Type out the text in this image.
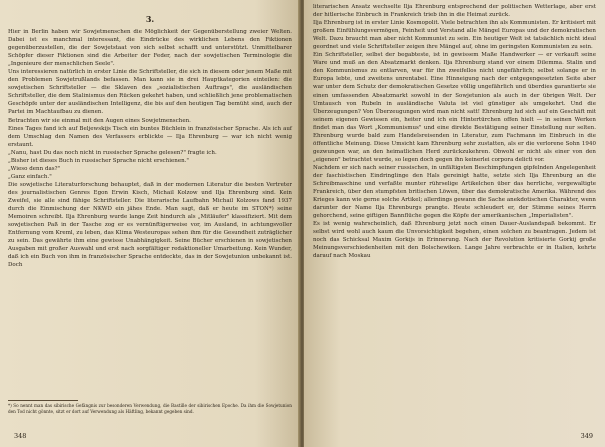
3.

Hier in Berlin haben wir Sowjetmenschen die Möglichkeit der Gegenüberstellung zweier Welten. Dabei ist es manchmal interessant, die Eindrücke des wirklichen Lebens den Fiktionen gegenüberzustellen, die der Sowjetstaat von sich selbst schafft und unterstützt. Unmittelbarer Schöpfer dieser Fiktionen sind die Arbeiter der Feder, nach der sowjetischen Terminologie die „Ingenieure der menschlichen Seele".

Uns interessieren natürlich in erster Linie die Schriftsteller, die sich in diesem oder jenem Maße mit den Problemen Sowjetrußlands befassen. Man kann sie in drei Hauptkategorien einteilen: die sowjetischen Schriftsteller — die Sklaven des „sozialistischen Auftrags", die ausländischen Schriftsteller, die dem Stalinismus den Rücken gekehrt haben, und schließlich jene problematischen Geschöpfe unter der ausländischen Intelligenz, die bis auf den heutigen Tag bemüht sind, auch der Partei im Machtaufbau zu dienen.

Betrachten wir sie einmal mit den Augen eines Sowjetmenschen.

Eines Tages fand ich auf Beljewskijs Tisch ein buntes Büchlein in französischer Sprache. Als ich auf dem Umschlag den Namen des Verfassers erblickte — Ilja Ehrenburg — war ich nicht wenig erstaunt.

„Nanu, hast Du das noch nicht in russischer Sprache gelesen?" fragte ich.

„Bisher ist dieses Buch in russischer Sprache nicht erschienen."

„Wieso denn das?"

„Ganz einfach."

Die sowjetische Literaturforschung behauptet, daß in der modernen Literatur die besten Vertreter des journalistischen Genres Egon Erwin Kisch, Michail Kolzow und Ilja Ehrenburg sind. Kein Zweifel, sie alle sind fähige Schriftsteller. Die literarische Laufbahn Michail Kolzows fand 1937 durch die Einmischung der NKWD ein jähes Ende. Man sagt, daß er heute im STON*) seine Memoiren schreibt. Ilja Ehrenburg wurde lange Zeit hindurch als „Mitläufer" klassifiziert. Mit dem sowjetischen Paß in der Tasche zog er es vernünftigerweise vor, im Ausland, in achtungsvoller Entfernung vom Kreml, zu leben, das Klima Westeuropas sehen ihm für die Gesundheit zuträglicher zu sein. Das gewährte ihm eine gewisse Unabhängigkeit. Seine Bücher erschienen in sowjetischen Ausgaben mit großer Auswahl und erst nach sorgfältiger redaktioneller Umarbeitung. Kein Wunder, daß ich ein Buch von ihm in französischer Sprache entdeckte, das in der Sowjetunion unbekannt ist. Doch

*) So nennt man das sibirische Gefängnis zur besonderen Verwendung, die Bastille der sibirischen Epoche. Da ihm die Sowjetunion den Tod nicht gönnte, sitzt er dort auf Verwendung als Häftling, bekannt gegeben sind.
348

literarischen Ansatz wechselte Ilja Ehrenburg entsprechend der politischen Wetterlage, aber erst der hitlerische Einbruch in Frankreich trieb ihn in die Heimat zurück.

Ilja Ehrenburg ist in erster Linie Kosmopolit. Viele betrachten ihn als Kommunisten. Er kritisiert mit großem Einfühlungsvermögen, Feinheit und Verstand alle Mängel Europas und der demokratischen Welt. Dazu braucht man aber nicht Kommunist zu sein. Ein heutiger Welt ist tatsächlich nicht ideal geordnet und viele Schriftsteller zeigen ihre Mängel auf, ohne im geringsten Kommunisten zu sein.

Ein Schriftsteller, selbst der begabteste, ist in gewissem Maße Handwerker — er verkauft seine Ware und muß an den Absatzmarkt denken. Ilja Ehrenburg stand vor einem Dilemma. Stalin und den Kommunismus zu entlarven, war für ihn zweifellos nicht ungefährlich; selbst solange er in Europa lebte, und zweitens unrentabel. Eine Hinneigung nach der entgegengesetzten Seite aber war unter dem Schutz der demokratischen Gesetze völlig ungefährlich und überdies garantierte sie einen umfassenden Absatzmarkt sowohl in der Sowjetunion als auch in der übrigen Welt. Der Umtausch von Rubeln in ausländische Valuta ist viel günstiger als umgekehrt. Und die Überzeugungen? Von Überzeugungen wird man nicht satt! Ehrenburg lud sich auf ein Geschäft mit seinem eigenen Gewissen ein, heiter und ich ein Hintertürchen offen hielt — in seinen Werken findet man das Wort „Kommunismus" und eine direkte Bestätigung seiner Einstellung nur selten. Ehrenburg wurde bald zum Handelsreisenden in Literatur, zum Fachmann im Einbruch in die öffentliche Meinung. Diese Umsicht kam Ehrenburg sehr zustatten, als er die verlorene Sohn 1940 gezwungen war, an den heimatlichen Herd zurückzukehren. Obwohl er nicht als einer von den „eigenen" betrachtet wurde, so legen doch gegen ihn keinerlei corpora delicti vor.

Nachdem er sich nach seiner russischen, in unfältigsten Beschimpfungen gipfelnden Angelegenheit der faschistischen Eindringlinge den Hals gereinigt hatte, setzte sich Ilja Ehrenburg an die Schreibmaschine und verfaßte munter rührselige Artikelchen über das herrliche, vergewaltigte Frankreich, über den stumpfsten britischen Löwen, über das demokratische Amerika. Während des Krieges kann wie gerne solche Artikel; allerdings gewann die Sache anekdotischen Charakter, wenn darunter der Name Ilja Ehrenburgs prangte. Heute schleudert er, der Stimme seines Herrn gehorchend, seine giftigen Bannflüche gegen die Köpfe der amerikanischen „Imperialisten".

Es ist wenig wahrscheinlich, daß Ehrenburg jetzt noch einen Dauer-Auslandspaß bekommt. Er selbst wird wohl auch kaum die Unvorsichtigkeit begehen, einen solchen zu beantragen. Jedem ist noch das Schicksal Maxim Gorkijs in Erinnerung. Nach der Revolution kritisierte Gorkij große Meinungsverschiedenheiten mit den Bolschewiken. Lange Jahre verbrachte er in Italien, kehrte darauf nach Moskau

349
